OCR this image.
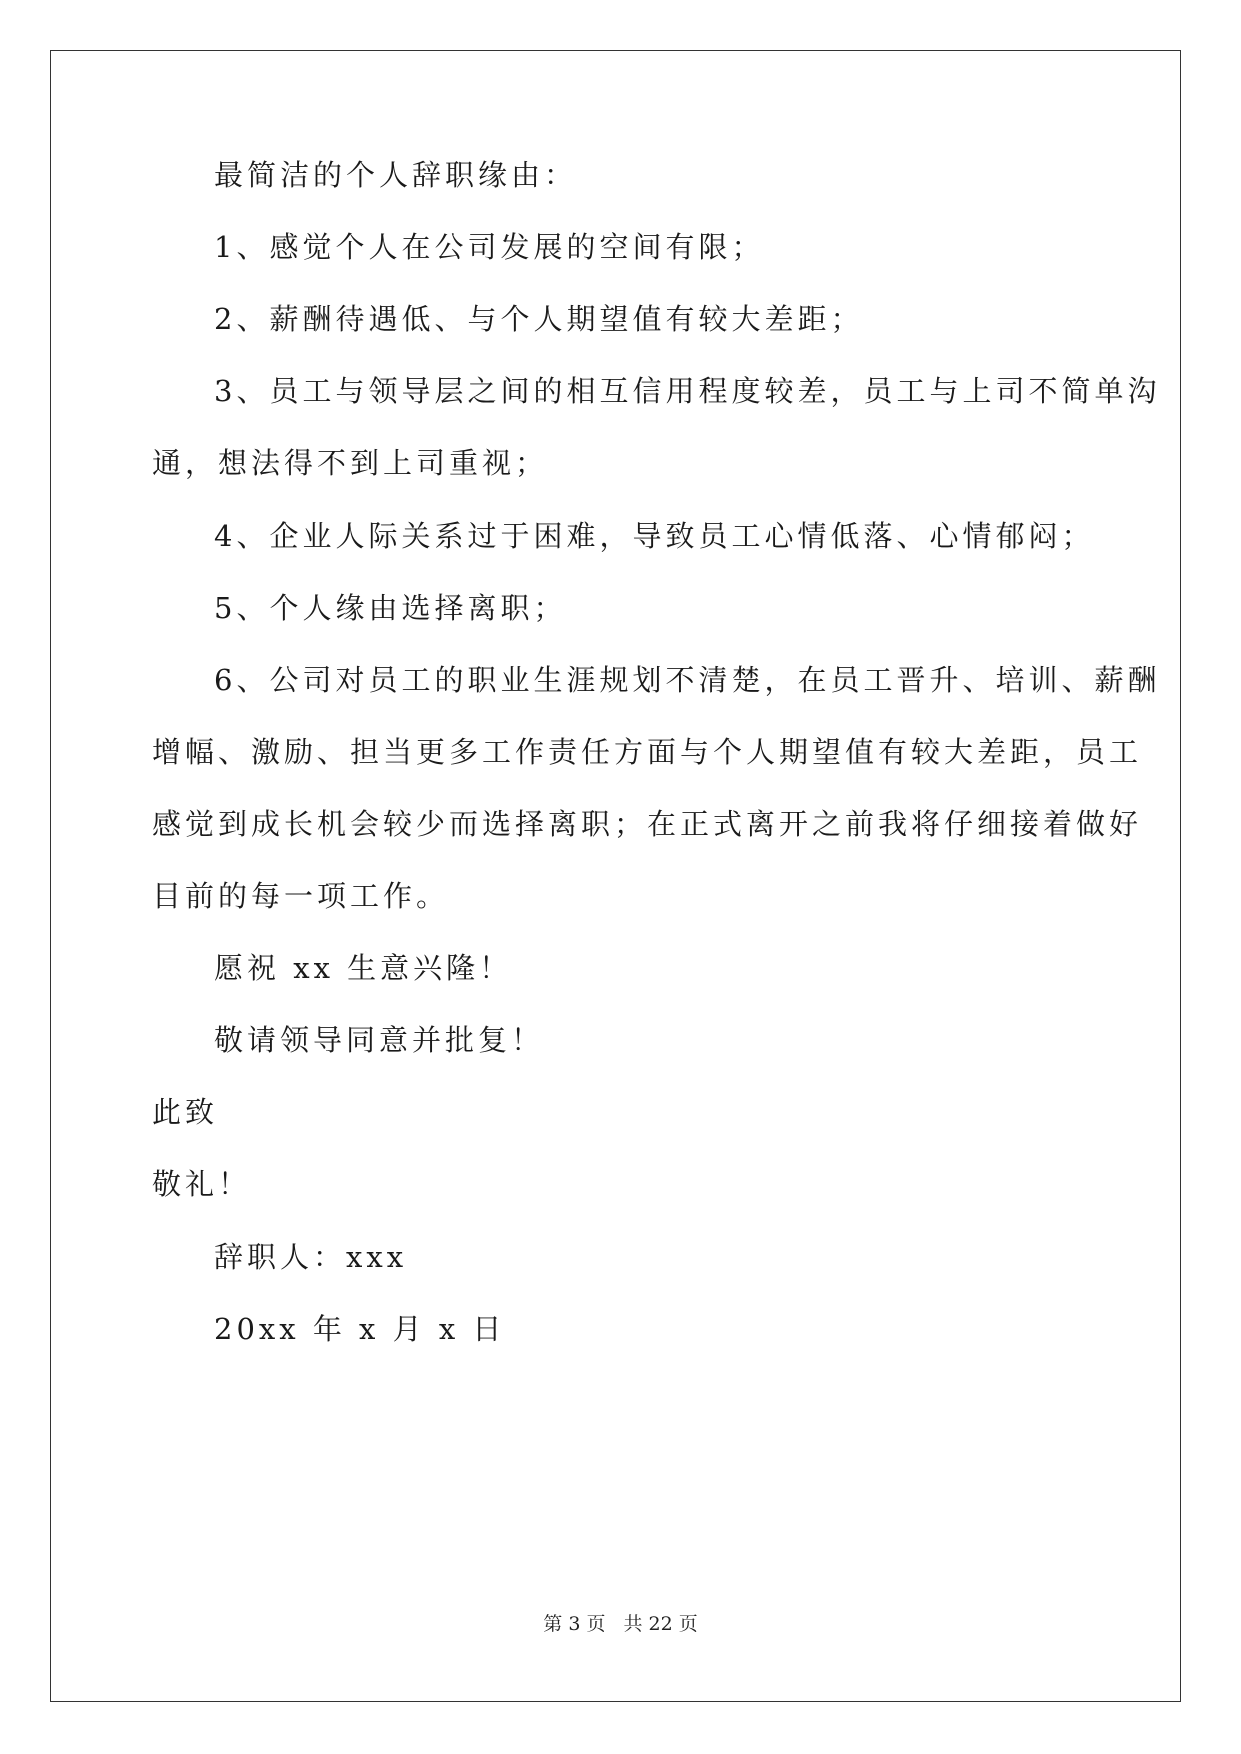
最简洁的个人辞职缘由：
1、感觉个人在公司发展的空间有限；
2、薪酬待遇低、与个人期望值有较大差距；
3、员工与领导层之间的相互信用程度较差，员工与上司不简单沟
通，想法得不到上司重视；
4、企业人际关系过于困难，导致员工心情低落、心情郁闷；
5、个人缘由选择离职；
6、公司对员工的职业生涯规划不清楚，在员工晋升、培训、薪酬
增幅、激励、担当更多工作责任方面与个人期望值有较大差距，员工
感觉到成长机会较少而选择离职；在正式离开之前我将仔细接着做好
目前的每一项工作。
愿祝 xx 生意兴隆！
敬请领导同意并批复！
此致
敬礼！
辞职人：xxx
20xx 年 x 月 x 日
第 3 页 共 22 页
